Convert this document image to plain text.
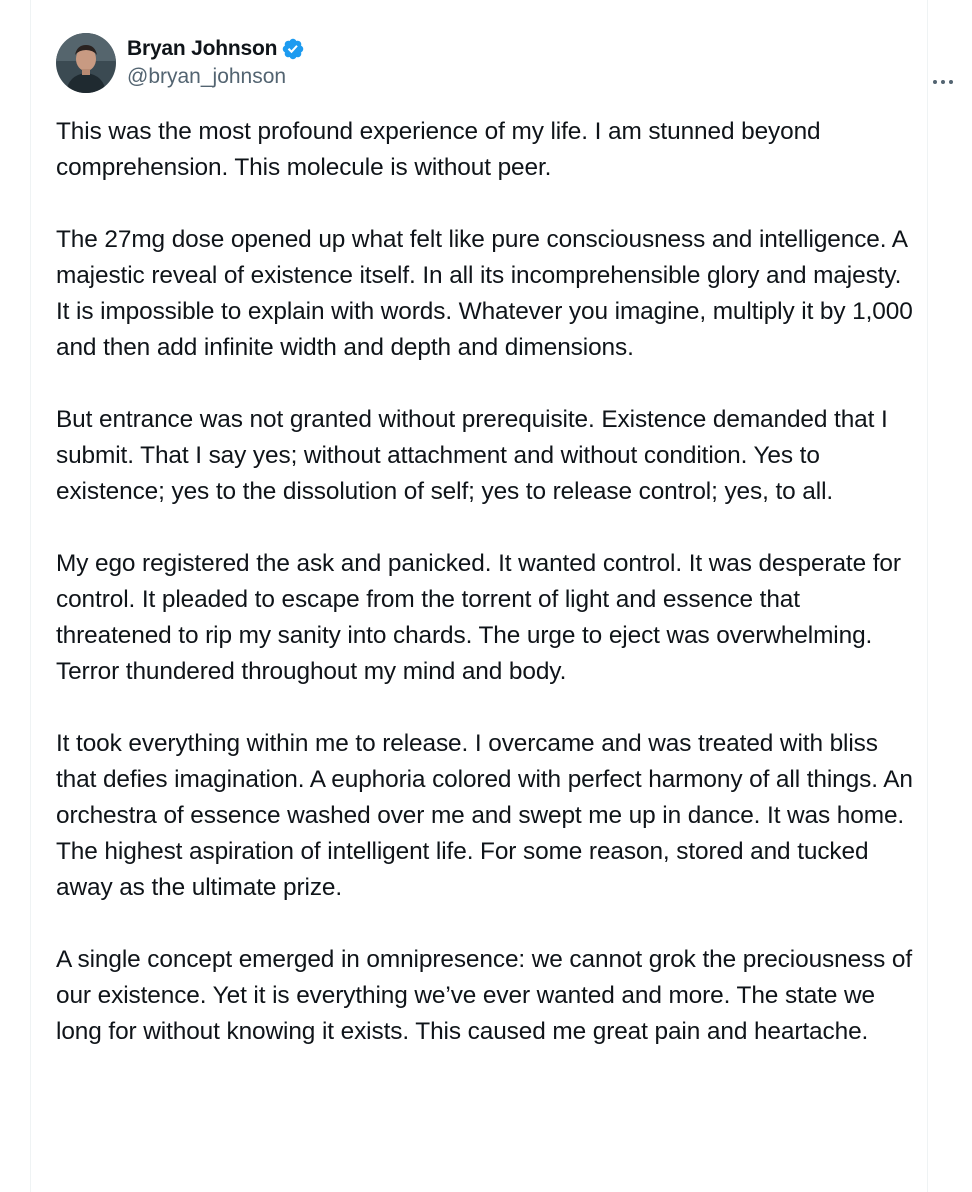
Bryan Johnson
@bryan_johnson

This was the most profound experience of my life. I am stunned beyond comprehension. This molecule is without peer.

The 27mg dose opened up what felt like pure consciousness and intelligence. A majestic reveal of existence itself. In all its incomprehensible glory and majesty. It is impossible to explain with words. Whatever you imagine, multiply it by 1,000 and then add infinite width and depth and dimensions.

But entrance was not granted without prerequisite. Existence demanded that I submit. That I say yes; without attachment and without condition. Yes to existence; yes to the dissolution of self; yes to release control; yes, to all.

My ego registered the ask and panicked. It wanted control. It was desperate for control. It pleaded to escape from the torrent of light and essence that threatened to rip my sanity into chards. The urge to eject was overwhelming. Terror thundered throughout my mind and body.

It took everything within me to release. I overcame and was treated with bliss that defies imagination. A euphoria colored with perfect harmony of all things. An orchestra of essence washed over me and swept me up in dance. It was home. The highest aspiration of intelligent life. For some reason, stored and tucked away as the ultimate prize.

A single concept emerged in omnipresence: we cannot grok the preciousness of our existence. Yet it is everything we’ve ever wanted and more. The state we long for without knowing it exists. This caused me great pain and heartache.
